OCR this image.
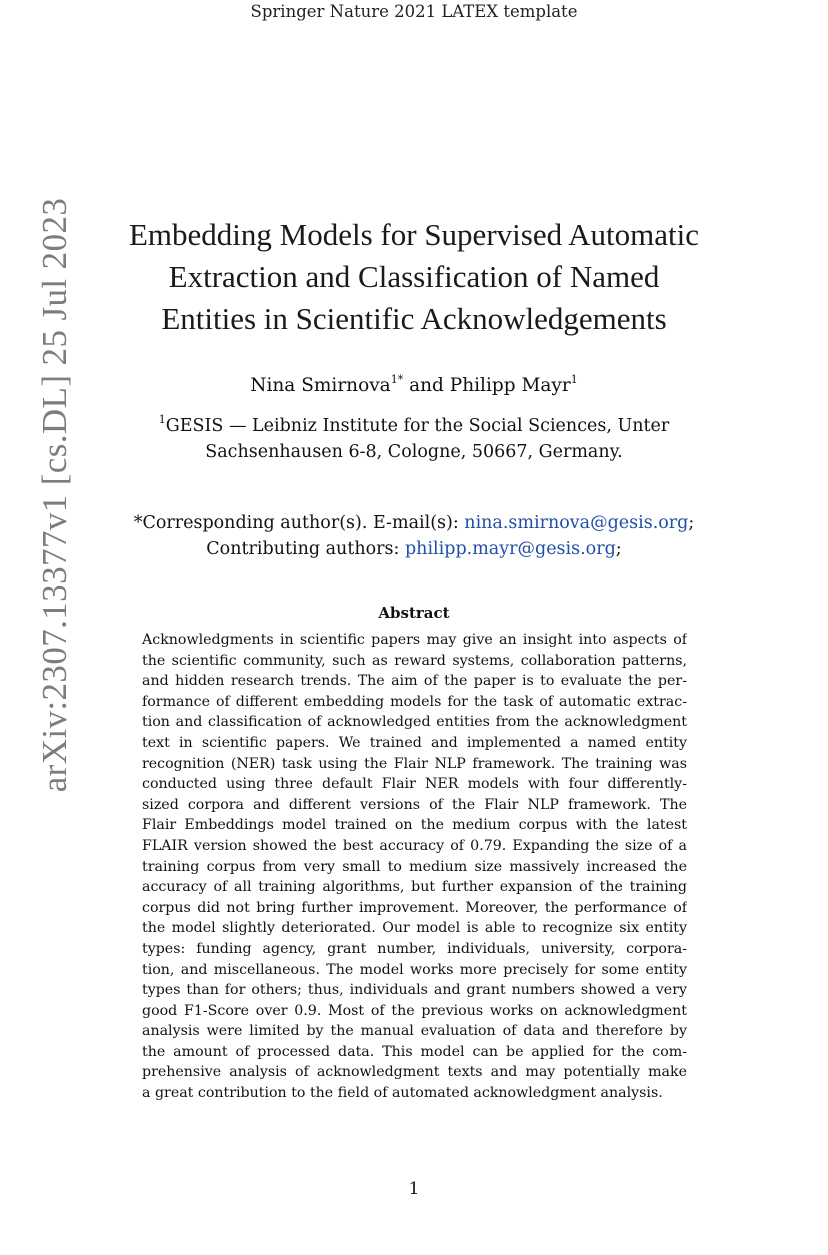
Springer Nature 2021 LATEX template
arXiv:2307.13377v1 [cs.DL] 25 Jul 2023	Embedding Models for Supervised Automatic
Extraction and Classification of Named
Entities in Scientific Acknowledgements
Nina Smirnova$^{1*}$ and Philipp Mayr$^1$
$^1$GESIS — Leibniz Institute for the Social Sciences, Unter
Sachsenhausen 6-8, Cologne, 50667, Germany.
*Corresponding author(s). E-mail(s): nina.smirnova@gesis.org;
Contributing authors: philipp.mayr@gesis.org;
Abstract
Acknowledgments in scientific papers may give an insight into aspects of
the scientific community, such as reward systems, collaboration patterns,
and hidden research trends. The aim of the paper is to evaluate the per-
formance of different embedding models for the task of automatic extrac-
tion and classification of acknowledged entities from the acknowledgment
text in scientific papers. We trained and implemented a named entity
recognition (NER) task using the Flair NLP framework. The training was
conducted using three default Flair NER models with four differently-
sized corpora and different versions of the Flair NLP framework. The
Flair Embeddings model trained on the medium corpus with the latest
FLAIR version showed the best accuracy of 0.79. Expanding the size of a
training corpus from very small to medium size massively increased the
accuracy of all training algorithms, but further expansion of the training
corpus did not bring further improvement. Moreover, the performance of
the model slightly deteriorated. Our model is able to recognize six entity
types: funding agency, grant number, individuals, university, corpora-
tion, and miscellaneous. The model works more precisely for some entity
types than for others; thus, individuals and grant numbers showed a very
good F1-Score over 0.9. Most of the previous works on acknowledgment
analysis were limited by the manual evaluation of data and therefore by
the amount of processed data. This model can be applied for the com-
prehensive analysis of acknowledgment texts and may potentially make
a great contribution to the field of automated acknowledgment analysis.
1
